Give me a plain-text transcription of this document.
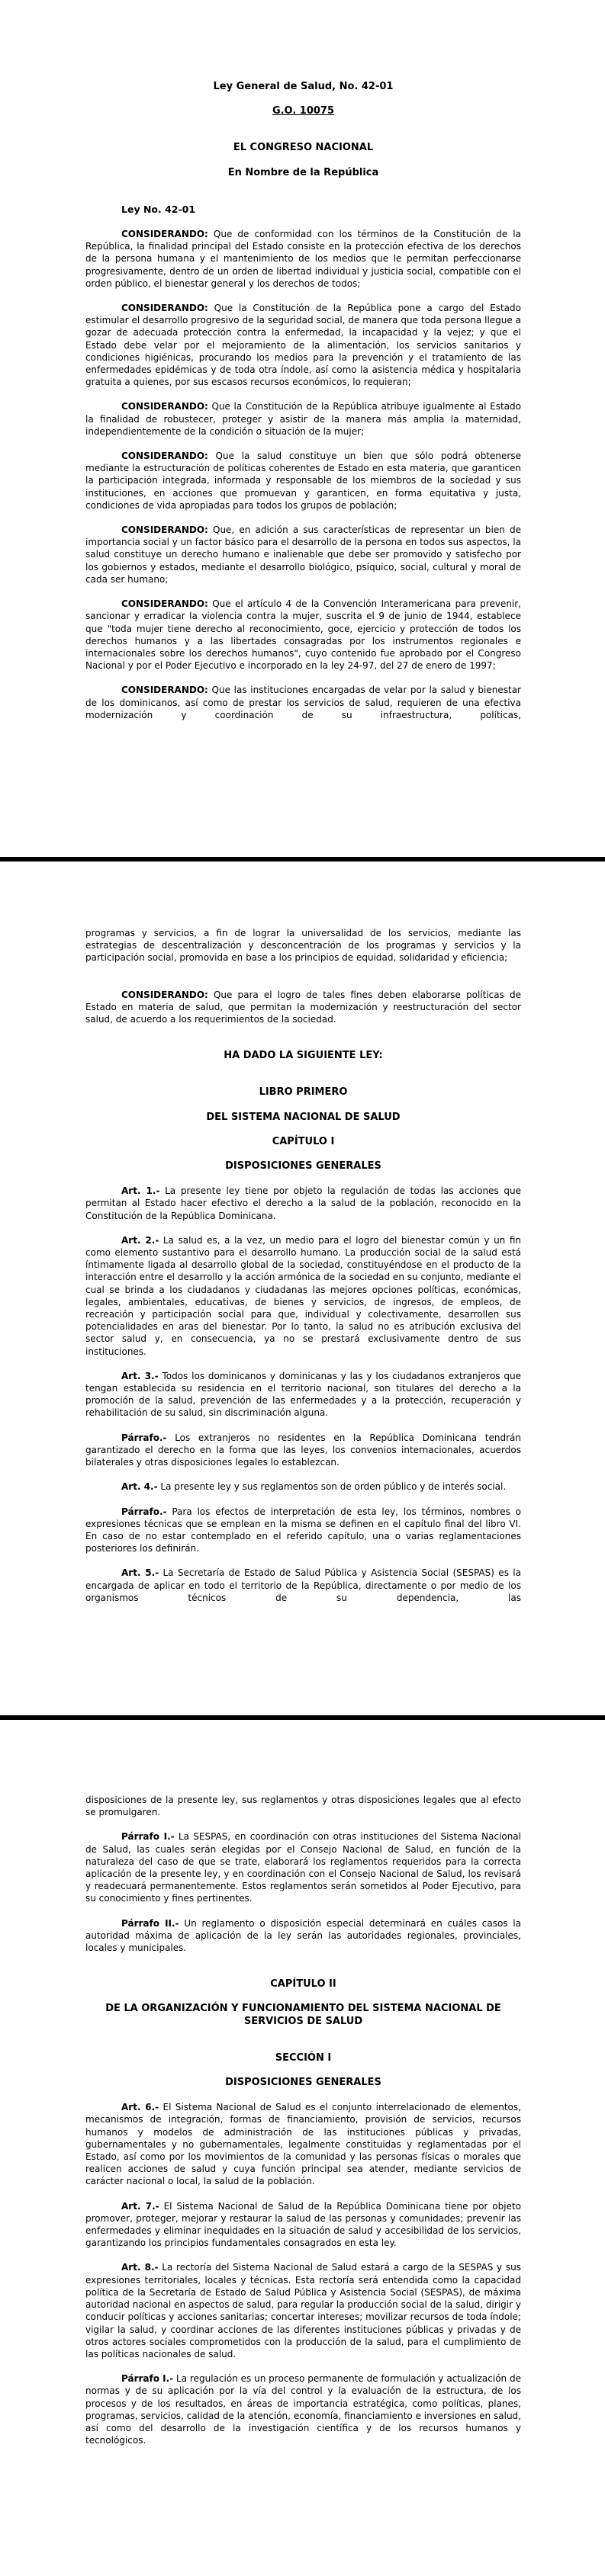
Ley General de Salud, No. 42-01
G.O. 10075
EL CONGRESO NACIONAL
En Nombre de la República
Ley No. 42-01
CONSIDERANDO: Que de conformidad con los términos de la Constitución de la República, la finalidad principal del Estado consiste en la protección efectiva de los derechos de la persona humana y el mantenimiento de los medios que le permitan perfeccionarse progresivamente, dentro de un orden de libertad individual y justicia social, compatible con el orden público, el bienestar general y los derechos de todos;
CONSIDERANDO: Que la Constitución de la República pone a cargo del Estado estimular el desarrollo progresivo de la seguridad social, de manera que toda persona llegue a gozar de adecuada protección contra la enfermedad, la incapacidad y la vejez; y que el Estado debe velar por el mejoramiento de la alimentación, los servicios sanitarios y condiciones higiénicas, procurando los medios para la prevención y el tratamiento de las enfermedades epidémicas y de toda otra índole, así como la asistencia médica y hospitalaria gratuita a quienes, por sus escasos recursos económicos, lo requieran;
CONSIDERANDO: Que la Constitución de la República atribuye igualmente al Estado la finalidad de robustecer, proteger y asistir de la manera más amplia la maternidad, independientemente de la condición o situación de la mujer;
CONSIDERANDO: Que la salud constituye un bien que sólo podrá obtenerse mediante la estructuración de políticas coherentes de Estado en esta materia, que garanticen la participación integrada, informada y responsable de los miembros de la sociedad y sus instituciones, en acciones que promuevan y garanticen, en forma equitativa y justa, condiciones de vida apropiadas para todos los grupos de población;
CONSIDERANDO: Que, en adición a sus características de representar un bien de importancia social y un factor básico para el desarrollo de la persona en todos sus aspectos, la salud constituye un derecho humano e inalienable que debe ser promovido y satisfecho por los gobiernos y estados, mediante el desarrollo biológico, psíquico, social, cultural y moral de cada ser humano;
CONSIDERANDO: Que el artículo 4 de la Convención Interamericana para prevenir, sancionar y erradicar la violencia contra la mujer, suscrita el 9 de junio de 1944, establece que "toda mujer tiene derecho al reconocimiento, goce, ejercicio y protección de todos los derechos humanos y a las libertades consagradas por los instrumentos regionales e internacionales sobre los derechos humanos", cuyo contenido fue aprobado por el Congreso Nacional y por el Poder Ejecutivo e incorporado en la ley 24-97, del 27 de enero de 1997;
CONSIDERANDO: Que las instituciones encargadas de velar por la salud y bienestar de los dominicanos, así como de prestar los servicios de salud, requieren de una efectiva modernización y coordinación de su infraestructura, políticas,
programas y servicios, a fin de lograr la universalidad de los servicios, mediante las estrategias de descentralización y desconcentración de los programas y servicios y la participación social, promovida en base a los principios de equidad, solidaridad y eficiencia;
CONSIDERANDO: Que para el logro de tales fines deben elaborarse políticas de Estado en materia de salud, que permitan la modernización y reestructuración del sector salud, de acuerdo a los requerimientos de la sociedad.
HA DADO LA SIGUIENTE LEY:
LIBRO PRIMERO
DEL SISTEMA NACIONAL DE SALUD
CAPÍTULO I
DISPOSICIONES GENERALES
Art. 1.- La presente ley tiene por objeto la regulación de todas las acciones que permitan al Estado hacer efectivo el derecho a la salud de la población, reconocido en la Constitución de la República Dominicana.
Art. 2.- La salud es, a la vez, un medio para el logro del bienestar común y un fin como elemento sustantivo para el desarrollo humano. La producción social de la salud está íntimamente ligada al desarrollo global de la sociedad, constituyéndose en el producto de la interacción entre el desarrollo y la acción armónica de la sociedad en su conjunto, mediante el cual se brinda a los ciudadanos y ciudadanas las mejores opciones políticas, económicas, legales, ambientales, educativas, de bienes y servicios, de ingresos, de empleos, de recreación y participación social para que, individual y colectivamente, desarrollen sus potencialidades en aras del bienestar. Por lo tanto, la salud no es atribución exclusiva del sector salud y, en consecuencia, ya no se prestará exclusivamente dentro de sus instituciones.
Art. 3.- Todos los dominicanos y dominicanas y las y los ciudadanos extranjeros que tengan establecida su residencia en el territorio nacional, son titulares del derecho a la promoción de la salud, prevención de las enfermedades y a la protección, recuperación y rehabilitación de su salud, sin discriminación alguna.
Párrafo.- Los extranjeros no residentes en la República Dominicana tendrán garantizado el derecho en la forma que las leyes, los convenios internacionales, acuerdos bilaterales y otras disposiciones legales lo establezcan.
Art. 4.- La presente ley y sus reglamentos son de orden público y de interés social.
Párrafo.- Para los efectos de interpretación de esta ley, los términos, nombres o expresiones técnicas que se emplean en la misma se definen en el capítulo final del libro VI. En caso de no estar contemplado en el referido capítulo, una o varias reglamentaciones posteriores los definirán.
Art. 5.- La Secretaría de Estado de Salud Pública y Asistencia Social (SESPAS) es la encargada de aplicar en todo el territorio de la República, directamente o por medio de los organismos técnicos de su dependencia, las
disposiciones de la presente ley, sus reglamentos y otras disposiciones legales que al efecto se promulgaren.
Párrafo I.- La SESPAS, en coordinación con otras instituciones del Sistema Nacional de Salud, las cuales serán elegidas por el Consejo Nacional de Salud, en función de la naturaleza del caso de que se trate, elaborará los reglamentos requeridos para la correcta aplicación de la presente ley, y en coordinación con el Consejo Nacional de Salud, los revisará y readecuará permanentemente. Estos reglamentos serán sometidos al Poder Ejecutivo, para su conocimiento y fines pertinentes.
Párrafo II.- Un reglamento o disposición especial determinará en cuáles casos la autoridad máxima de aplicación de la ley serán las autoridades regionales, provinciales, locales y municipales.
CAPÍTULO II
DE LA ORGANIZACIÓN Y FUNCIONAMIENTO DEL SISTEMA NACIONAL DE SERVICIOS DE SALUD
SECCIÓN I
DISPOSICIONES GENERALES
Art. 6.- El Sistema Nacional de Salud es el conjunto interrelacionado de elementos, mecanismos de integración, formas de financiamiento, provisión de servicios, recursos humanos y modelos de administración de las instituciones públicas y privadas, gubernamentales y no gubernamentales, legalmente constituidas y reglamentadas por el Estado, así como por los movimientos de la comunidad y las personas físicas o morales que realicen acciones de salud y cuya función principal sea atender, mediante servicios de carácter nacional o local, la salud de la población.
Art. 7.- El Sistema Nacional de Salud de la República Dominicana tiene por objeto promover, proteger, mejorar y restaurar la salud de las personas y comunidades; prevenir las enfermedades y eliminar inequidades en la situación de salud y accesibilidad de los servicios, garantizando los principios fundamentales consagrados en esta ley.
Art. 8.- La rectoría del Sistema Nacional de Salud estará a cargo de la SESPAS y sus expresiones territoriales, locales y técnicas. Esta rectoría será entendida como la capacidad política de la Secretaría de Estado de Salud Pública y Asistencia Social (SESPAS), de máxima autoridad nacional en aspectos de salud, para regular la producción social de la salud, dirigir y conducir políticas y acciones sanitarias; concertar intereses; movilizar recursos de toda índole; vigilar la salud, y coordinar acciones de las diferentes instituciones públicas y privadas y de otros actores sociales comprometidos con la producción de la salud, para el cumplimiento de las políticas nacionales de salud.
Párrafo I.- La regulación es un proceso permanente de formulación y actualización de normas y de su aplicación por la vía del control y la evaluación de la estructura, de los procesos y de los resultados, en áreas de importancia estratégica, como políticas, planes, programas, servicios, calidad de la atención, economía, financiamiento e inversiones en salud, así como del desarrollo de la investigación científica y de los recursos humanos y tecnológicos.
